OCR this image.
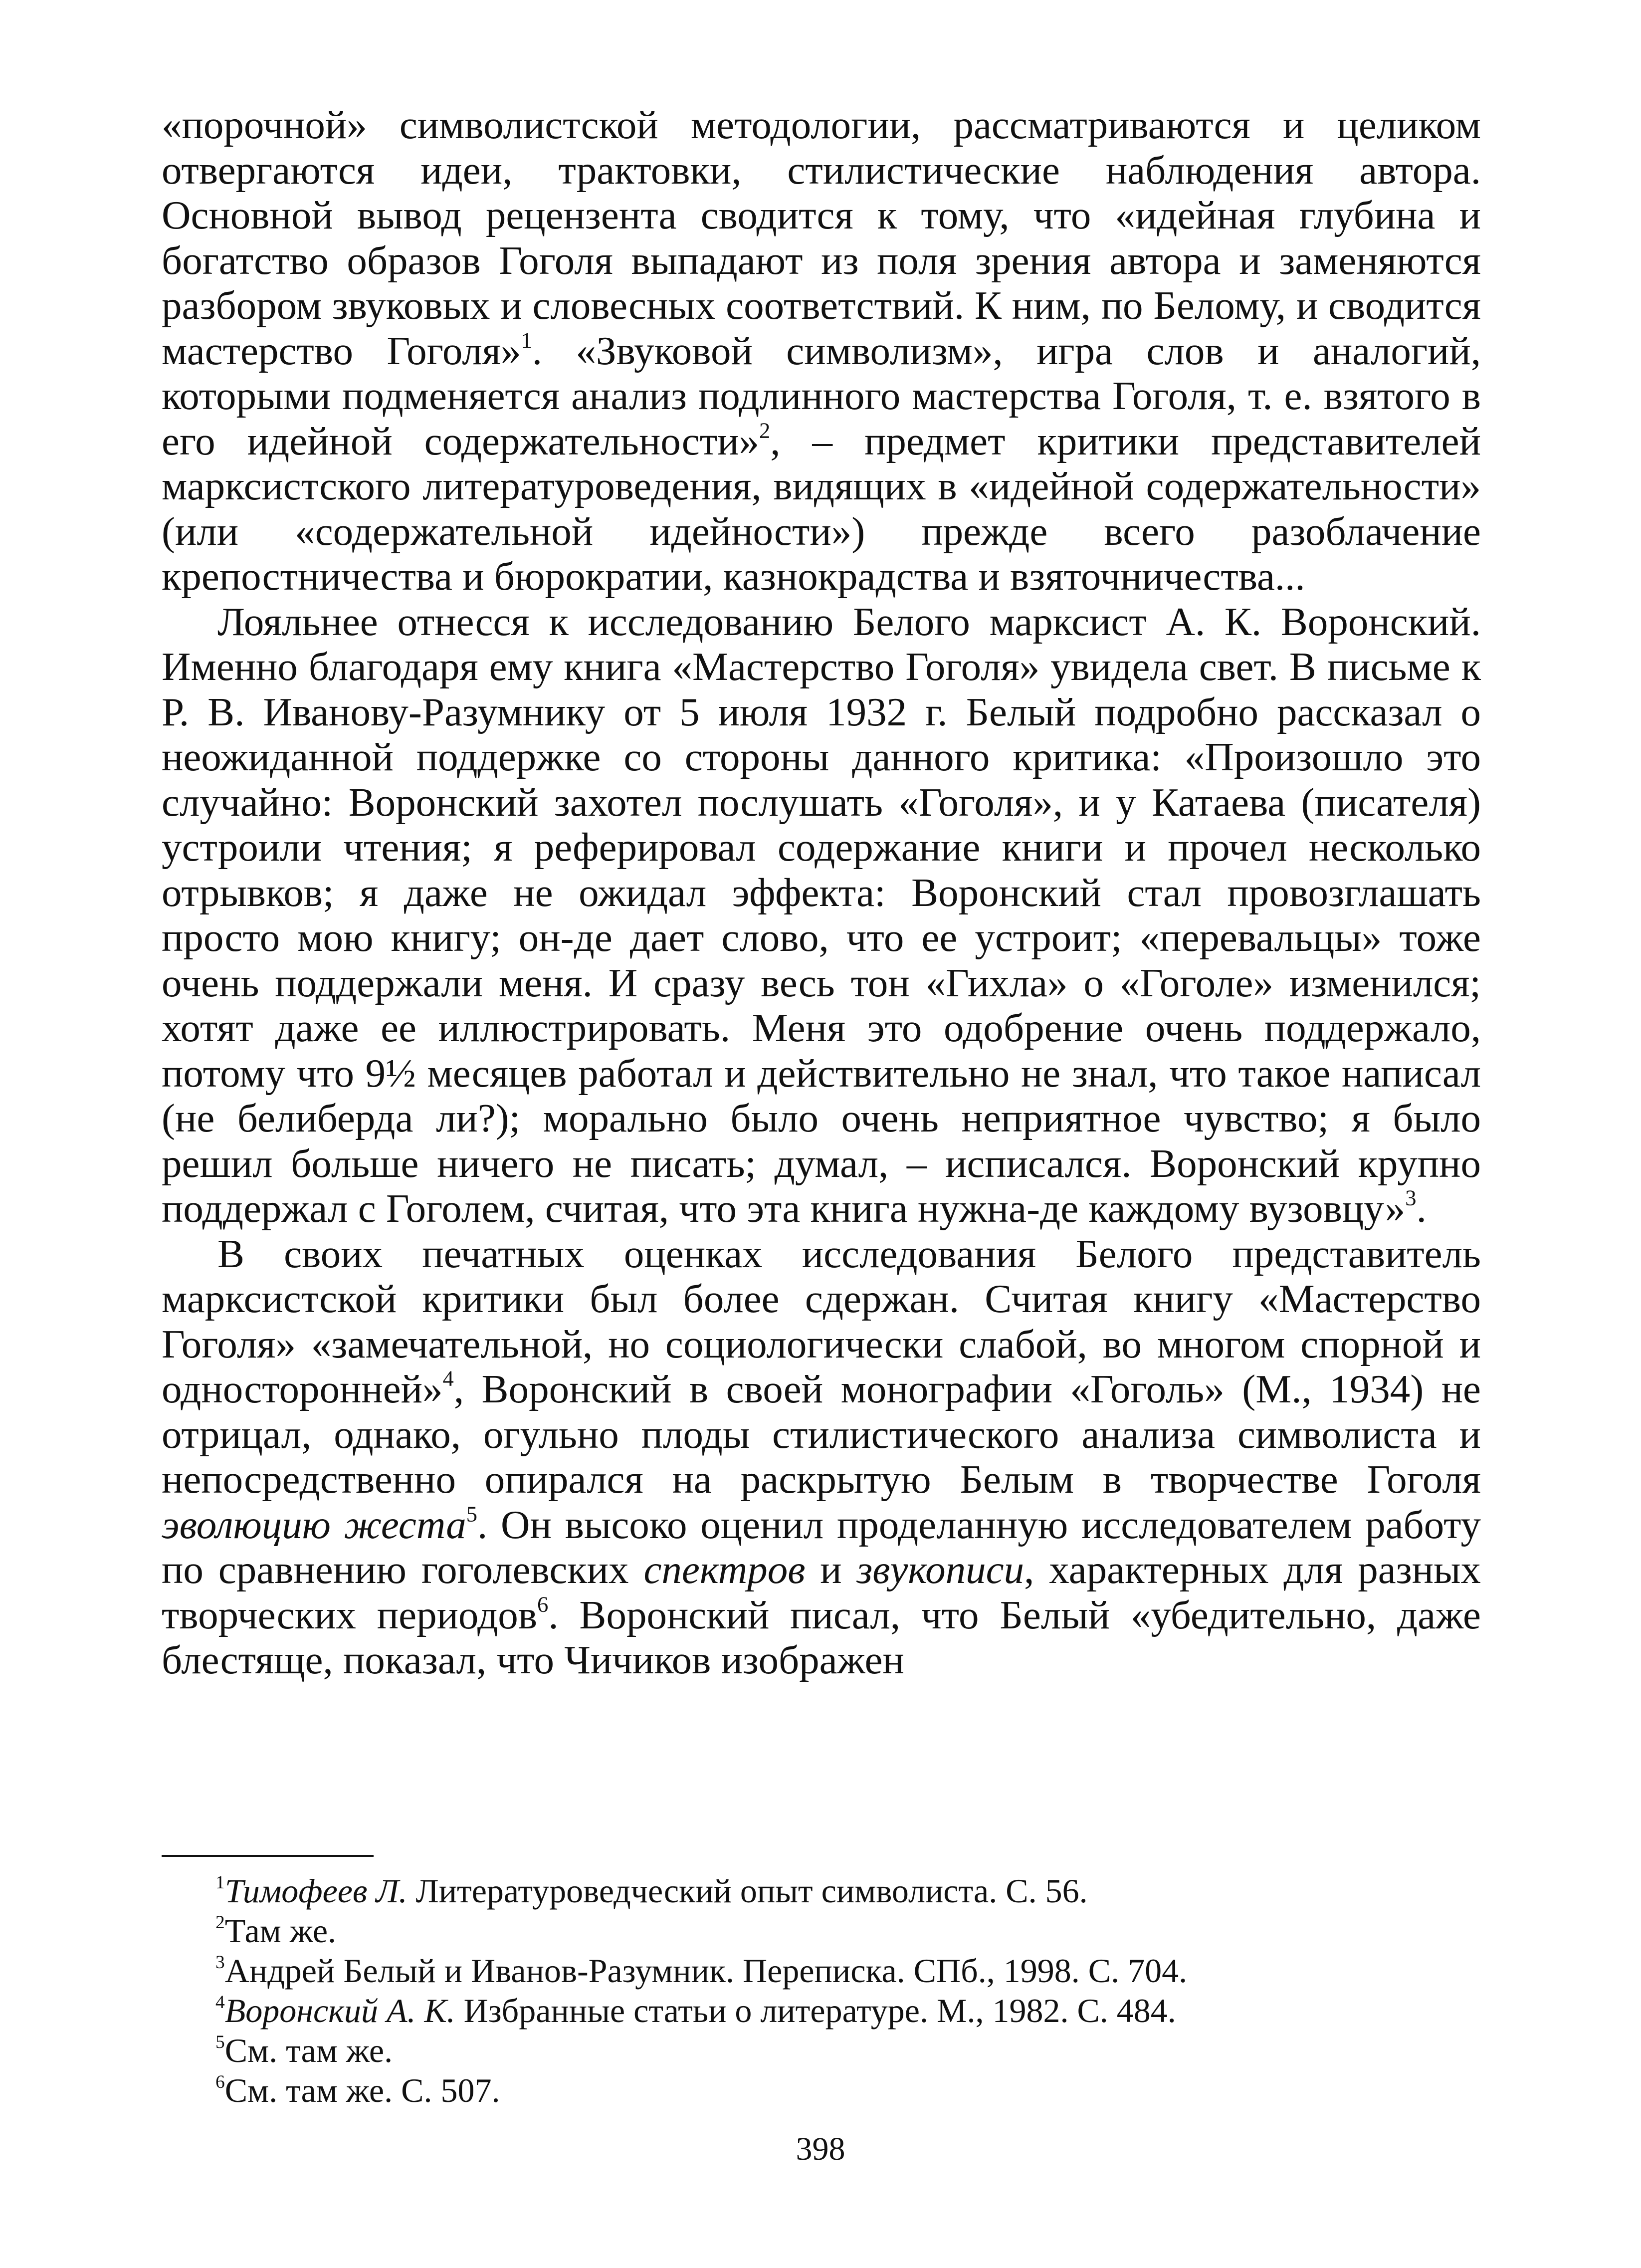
«порочной» символистской методологии, рассматриваются и целиком отвергаются идеи, трактовки, стилистические наблюдения автора. Основной вывод рецензента сводится к тому, что «идейная глубина и богатство образов Гоголя выпадают из поля зрения автора и заменяются разбором звуковых и словесных соответствий. К ним, по Белому, и сводится мастерство Гоголя»$^1$. «Звуковой символизм», игра слов и аналогий, которыми подменяется анализ подлинного мастерства Гоголя, т. е. взятого в его идейной содержательности»$^2$, – предмет критики представителей марксистского литературоведения, видящих в «идейной содержательности» (или «содержательной идейности») прежде всего разоблачение крепостничества и бюрократии, казнокрадства и взяточничества...

Лояльнее отнесся к исследованию Белого марксист А. К. Воронский. Именно благодаря ему книга «Мастерство Гоголя» увидела свет. В письме к Р. В. Иванову-Разумнику от 5 июля 1932 г. Белый подробно рассказал о неожиданной поддержке со стороны данного критика: «Произошло это случайно: Воронский захотел послушать «Гоголя», и у Катаева (писателя) устроили чтения; я реферировал содержание книги и прочел несколько отрывков; я даже не ожидал эффекта: Воронский стал провозглашать просто мою книгу; он-де дает слово, что ее устроит; «перевальцы» тоже очень поддержали меня. И сразу весь тон «Гихла» о «Гоголе» изменился; хотят даже ее иллюстрировать. Меня это одобрение очень поддержало, потому что 9½ месяцев работал и действительно не знал, что такое написал (не белиберда ли?); морально было очень неприятное чувство; я было решил больше ничего не писать; думал, – исписался. Воронский крупно поддержал с Гоголем, считая, что эта книга нужна-де каждому вузовцу»$^3$.

В своих печатных оценках исследования Белого представитель марксистской критики был более сдержан. Считая книгу «Мастерство Гоголя» «замечательной, но социологически слабой, во многом спорной и односторонней»$^4$, Воронский в своей монографии «Гоголь» (М., 1934) не отрицал, однако, огульно плоды стилистического анализа символиста и непосредственно опирался на раскрытую Белым в творчестве Гоголя эволюцию жеста$^5$. Он высоко оценил проделанную исследователем работу по сравнению гоголевских спектров и звукописи, характерных для разных творческих периодов$^6$. Воронский писал, что Белый «убедительно, даже блестяще, показал, что Чичиков изображен

$^1$Тимофеев Л. Литературоведческий опыт символиста. С. 56.

$^2$Там же.

$^3$Андрей Белый и Иванов-Разумник. Переписка. СПб., 1998. С. 704.

$^4$Воронский А. К. Избранные статьи о литературе. М., 1982. С. 484.

$^5$См. там же.

$^6$См. там же. С. 507.

398
